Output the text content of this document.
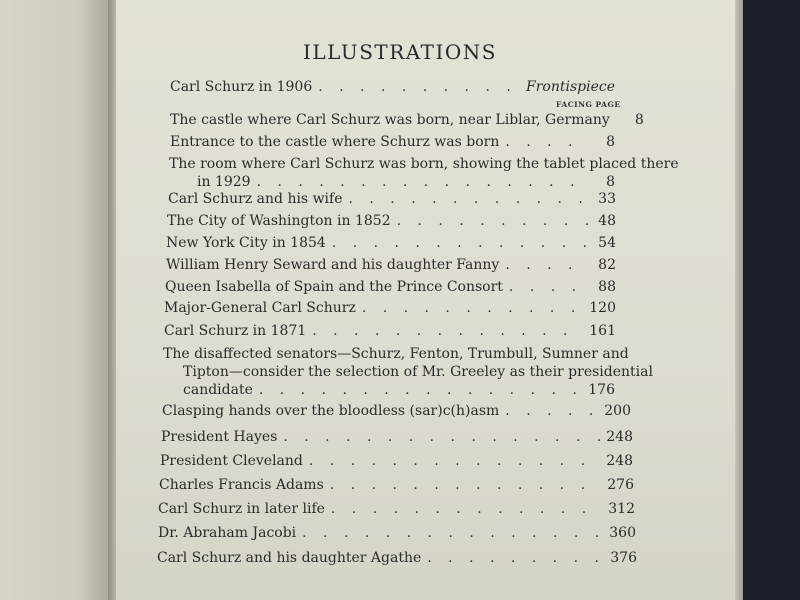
ILLUSTRATIONS
Carl Schurz in 1906 . . .	Frontispiece
FACING PAGE
The castle where Carl Schurz was born, near Liblar, Germany	8
Entrance to the castle where Schurz was born . . .	8
The room where Carl Schurz was born, showing the tablet placed there
in 1929 . . .	8
Carl Schurz and his wife . . .	33
The City of Washington in 1852 . . .	48
New York City in 1854 . . .	54
William Henry Seward and his daughter Fanny . . .	82
Queen Isabella of Spain and the Prince Consort . . .	88
Major-General Carl Schurz . . .	120
Carl Schurz in 1871 . . .	161
The disaffected senators—Schurz, Fenton, Trumbull, Sumner and
Tipton—consider the selection of Mr. Greeley as their presidential
candidate . . .	176
Clasping hands over the bloodless (sar)c(h)asm . . .	200
President Hayes . . .	248
President Cleveland . . .	248
Charles Francis Adams . . .	276
Carl Schurz in later life . . .	312
Dr. Abraham Jacobi . . .	360
Carl Schurz and his daughter Agathe . . .	376
